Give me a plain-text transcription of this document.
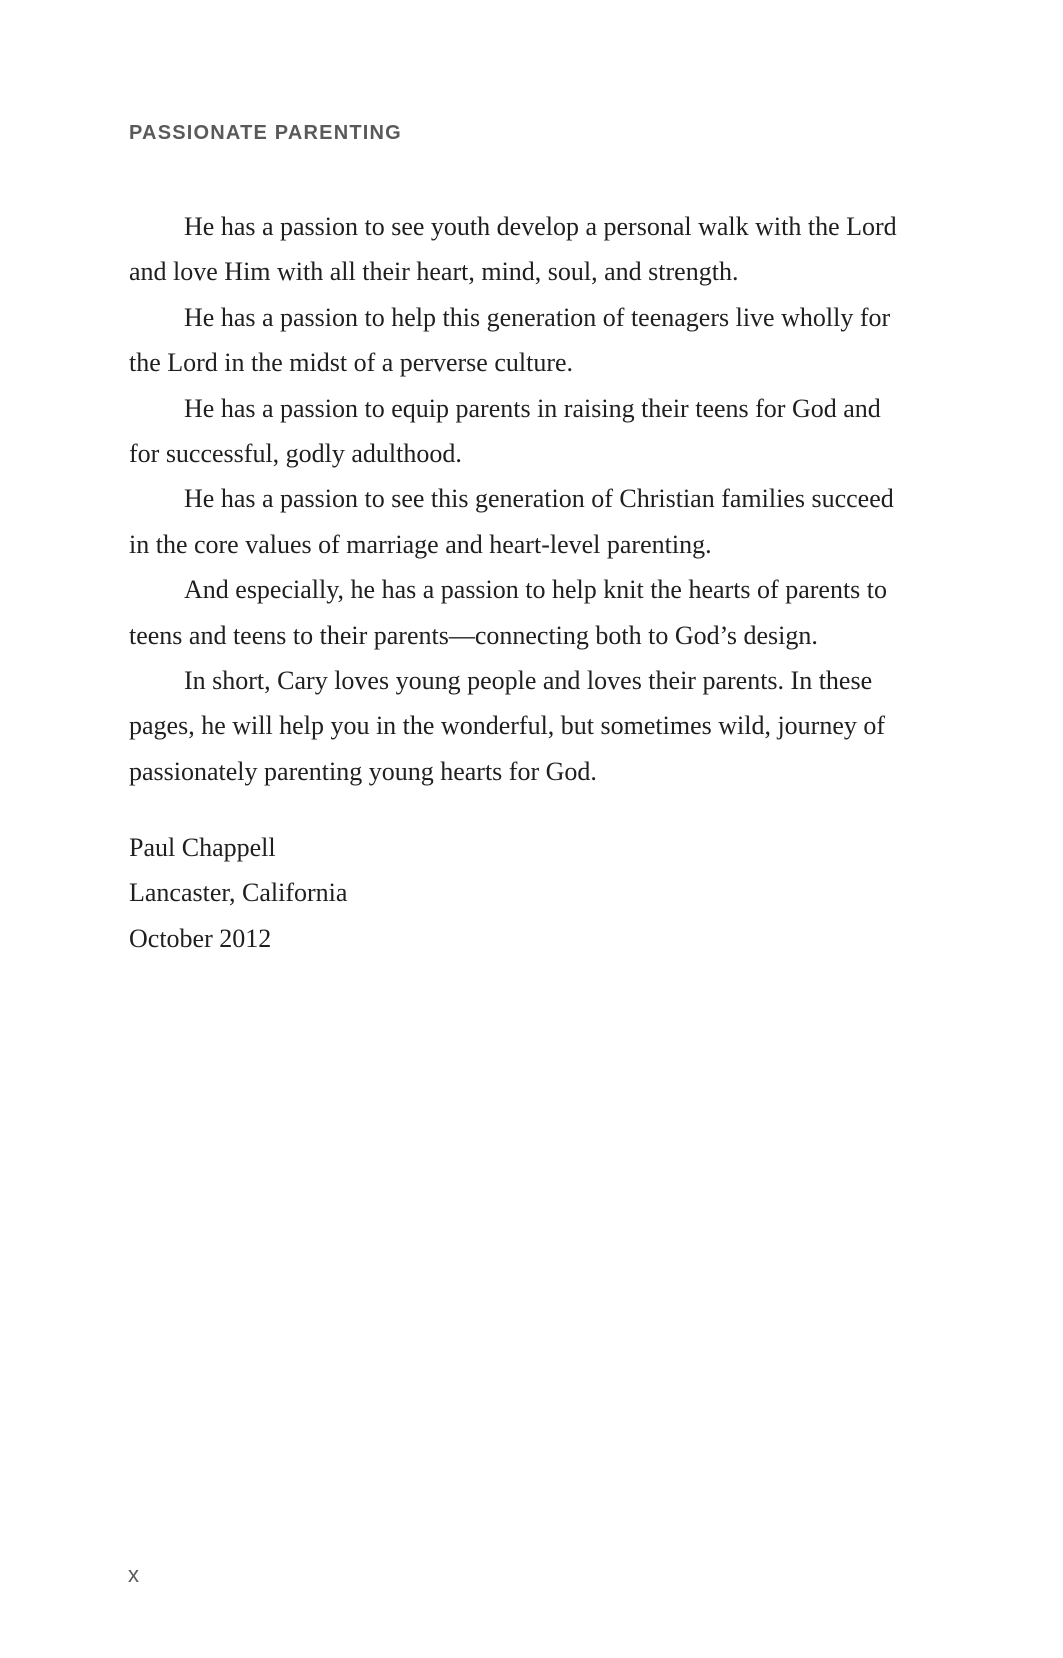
PASSIONATE PARENTING

He has a passion to see youth develop a personal walk with the Lord
and love Him with all their heart, mind, soul, and strength.

He has a passion to help this generation of teenagers live wholly for
the Lord in the midst of a perverse culture.

He has a passion to equip parents in raising their teens for God and
for successful, godly adulthood.

He has a passion to see this generation of Christian families succeed
in the core values of marriage and heart-level parenting.

And especially, he has a passion to help knit the hearts of parents to
teens and teens to their parents—connecting both to God’s design.

In short, Cary loves young people and loves their parents. In these
pages, he will help you in the wonderful, but sometimes wild, journey of
passionately parenting young hearts for God.

Paul Chappell
Lancaster, California
October 2012
x
